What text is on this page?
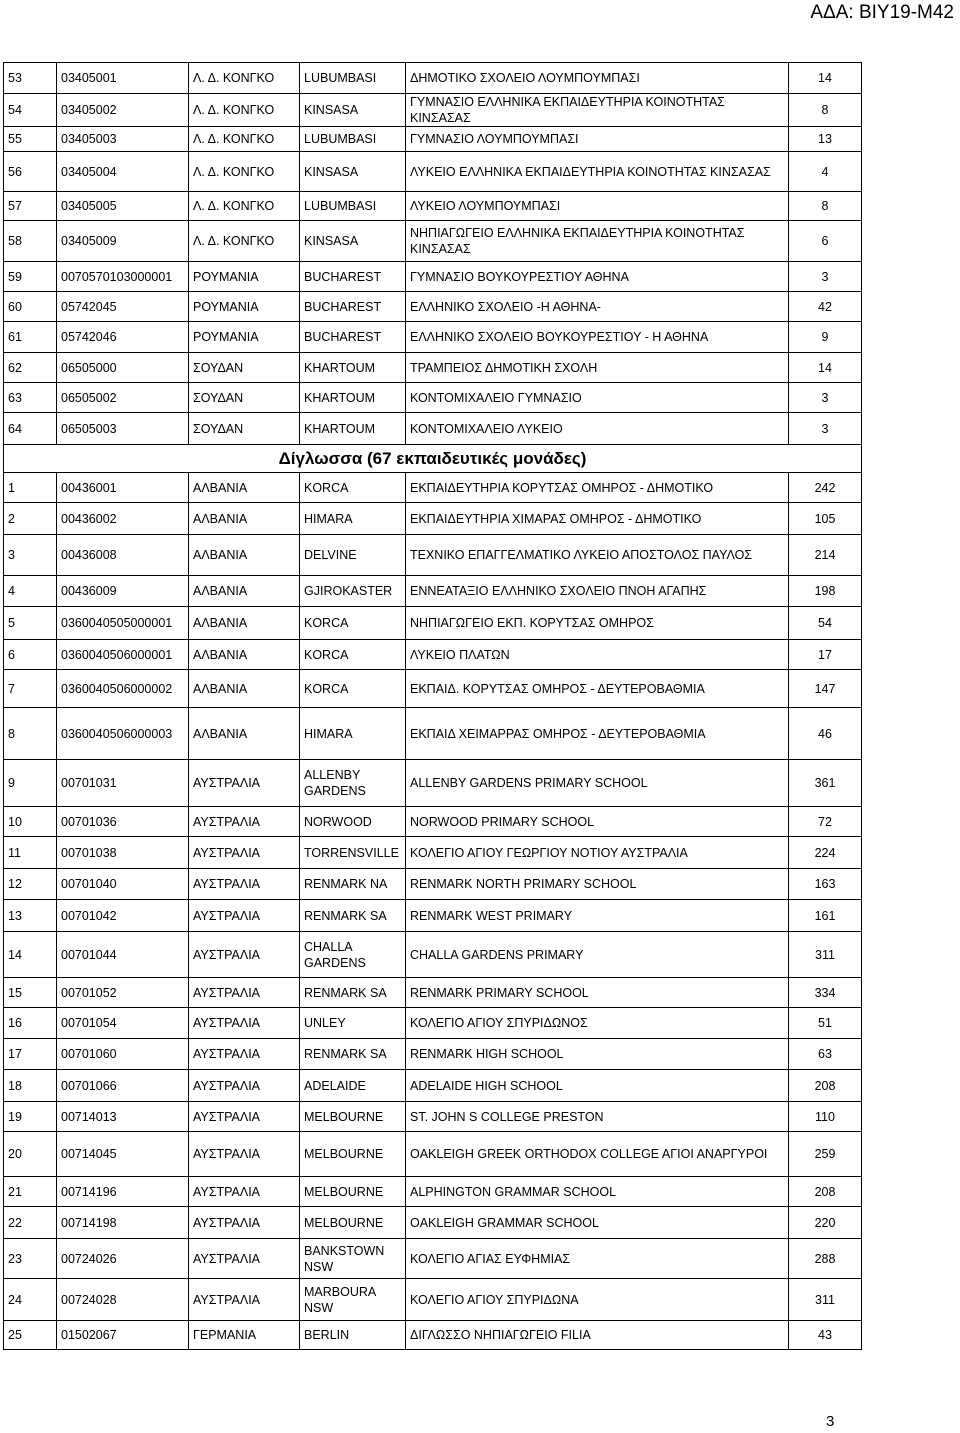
ΑΔΑ: ΒΙΥ19-Μ42
53	03405001	Λ. Δ. ΚΟΝΓΚΟ	LUBUMBASI	ΔΗΜΟΤΙΚΟ ΣΧΟΛΕΙΟ ΛΟΥΜΠΟΥΜΠΑΣΙ	14
54	03405002	Λ. Δ. ΚΟΝΓΚΟ	KINSASA	ΓΥΜΝΑΣΙΟ ΕΛΛΗΝΙΚΑ ΕΚΠΑΙΔΕΥΤΗΡΙΑ ΚΟΙΝΟΤΗΤΑΣ ΚΙΝΣΑΣΑΣ	8
55	03405003	Λ. Δ. ΚΟΝΓΚΟ	LUBUMBASI	ΓΥΜΝΑΣΙΟ ΛΟΥΜΠΟΥΜΠΑΣΙ	13
56	03405004	Λ. Δ. ΚΟΝΓΚΟ	KINSASA	ΛΥΚΕΙΟ ΕΛΛΗΝΙΚΑ ΕΚΠΑΙΔΕΥΤΗΡΙΑ ΚΟΙΝΟΤΗΤΑΣ ΚΙΝΣΑΣΑΣ	4
57	03405005	Λ. Δ. ΚΟΝΓΚΟ	LUBUMBASI	ΛΥΚΕΙΟ ΛΟΥΜΠΟΥΜΠΑΣΙ	8
58	03405009	Λ. Δ. ΚΟΝΓΚΟ	KINSASA	ΝΗΠΙΑΓΩΓΕΙΟ ΕΛΛΗΝΙΚΑ ΕΚΠΑΙΔΕΥΤΗΡΙΑ ΚΟΙΝΟΤΗΤΑΣ ΚΙΝΣΑΣΑΣ	6
59	0070570103000001	ΡΟΥΜΑΝΙΑ	BUCHAREST	ΓΥΜΝΑΣΙΟ ΒΟΥΚΟΥΡΕΣΤΙΟΥ ΑΘΗΝΑ	3
60	05742045	ΡΟΥΜΑΝΙΑ	BUCHAREST	ΕΛΛΗΝΙΚΟ ΣΧΟΛΕΙΟ -Η ΑΘΗΝΑ-	42
61	05742046	ΡΟΥΜΑΝΙΑ	BUCHAREST	ΕΛΛΗΝΙΚΟ ΣΧΟΛΕΙΟ ΒΟΥΚΟΥΡΕΣΤΙΟΥ - Η ΑΘΗΝΑ	9
62	06505000	ΣΟΥΔΑΝ	KHARTOUM	ΤΡΑΜΠΕΙΟΣ ΔΗΜΟΤΙΚΗ ΣΧΟΛΗ	14
63	06505002	ΣΟΥΔΑΝ	KHARTOUM	ΚΟΝΤΟΜΙΧΑΛΕΙΟ ΓΥΜΝΑΣΙΟ	3
64	06505003	ΣΟΥΔΑΝ	KHARTOUM	ΚΟΝΤΟΜΙΧΑΛΕΙΟ ΛΥΚΕΙΟ	3
Δίγλωσσα (67 εκπαιδευτικές μονάδες)					
1	00436001	ΑΛΒΑΝΙΑ	KORCA	ΕΚΠΑΙΔΕΥΤΗΡΙΑ ΚΟΡΥΤΣΑΣ ΟΜΗΡΟΣ - ΔΗΜΟΤΙΚΟ	242
2	00436002	ΑΛΒΑΝΙΑ	HIMARA	ΕΚΠΑΙΔΕΥΤΗΡΙΑ ΧΙΜΑΡΑΣ ΟΜΗΡΟΣ - ΔΗΜΟΤΙΚΟ	105
3	00436008	ΑΛΒΑΝΙΑ	DELVINE	ΤΕΧΝΙΚΟ ΕΠΑΓΓΕΛΜΑΤΙΚΟ ΛΥΚΕΙΟ ΑΠΟΣΤΟΛΟΣ ΠΑΥΛΟΣ	214
4	00436009	ΑΛΒΑΝΙΑ	GJIROKASTER	ΕΝΝΕΑΤΑΞΙΟ ΕΛΛΗΝΙΚΟ ΣΧΟΛΕΙΟ ΠΝΟΗ ΑΓΑΠΗΣ	198
5	0360040505000001	ΑΛΒΑΝΙΑ	KORCA	ΝΗΠΙΑΓΩΓΕΙΟ ΕΚΠ. ΚΟΡΥΤΣΑΣ ΟΜΗΡΟΣ	54
6	0360040506000001	ΑΛΒΑΝΙΑ	KORCA	ΛΥΚΕΙΟ ΠΛΑΤΩΝ	17
7	0360040506000002	ΑΛΒΑΝΙΑ	KORCA	ΕΚΠΑΙΔ. ΚΟΡΥΤΣΑΣ ΟΜΗΡΟΣ - ΔΕΥΤΕΡΟΒΑΘΜΙΑ	147
8	0360040506000003	ΑΛΒΑΝΙΑ	HIMARA	ΕΚΠΑΙΔ ΧΕΙΜΑΡΡΑΣ ΟΜΗΡΟΣ - ΔΕΥΤΕΡΟΒΑΘΜΙΑ	46
9	00701031	ΑΥΣΤΡΑΛΙΑ	ALLENBY GARDENS	ALLENBY GARDENS PRIMARY SCHOOL	361
10	00701036	ΑΥΣΤΡΑΛΙΑ	NORWOOD	NORWOOD PRIMARY SCHOOL	72
11	00701038	ΑΥΣΤΡΑΛΙΑ	TORRENSVILLE	ΚΟΛΕΓΙΟ ΑΓΙΟΥ ΓΕΩΡΓΙΟΥ ΝΟΤΙΟΥ ΑΥΣΤΡΑΛΙΑ	224
12	00701040	ΑΥΣΤΡΑΛΙΑ	RENMARK NA	RENMARK NORTH PRIMARY SCHOOL	163
13	00701042	ΑΥΣΤΡΑΛΙΑ	RENMARK SA	RENMARK WEST PRIMARY	161
14	00701044	ΑΥΣΤΡΑΛΙΑ	CHALLA GARDENS	CHALLA GARDENS PRIMARY	311
15	00701052	ΑΥΣΤΡΑΛΙΑ	RENMARK SA	RENMARK PRIMARY SCHOOL	334
16	00701054	ΑΥΣΤΡΑΛΙΑ	UNLEY	ΚΟΛΕΓΙΟ ΑΓΙΟΥ ΣΠΥΡΙΔΩΝΟΣ	51
17	00701060	ΑΥΣΤΡΑΛΙΑ	RENMARK SA	RENMARK HIGH SCHOOL	63
18	00701066	ΑΥΣΤΡΑΛΙΑ	ADELAIDE	ADELAIDE HIGH SCHOOL	208
19	00714013	ΑΥΣΤΡΑΛΙΑ	MELBOURNE	ST. JOHN S COLLEGE PRESTON	110
20	00714045	ΑΥΣΤΡΑΛΙΑ	MELBOURNE	OAKLEIGH GREEK ORTHODOX COLLEGE AΓΙΟΙ ΑΝΑΡΓΥΡΟΙ	259
21	00714196	ΑΥΣΤΡΑΛΙΑ	MELBOURNE	ALPHINGTON GRAMMAR SCHOOL	208
22	00714198	ΑΥΣΤΡΑΛΙΑ	MELBOURNE	OAKLEIGH GRAMMAR SCHOOL	220
23	00724026	ΑΥΣΤΡΑΛΙΑ	BANKSTOWN NSW	ΚΟΛΕΓΙΟ ΑΓΙΑΣ ΕΥΦΗΜΙΑΣ	288
24	00724028	ΑΥΣΤΡΑΛΙΑ	MARBOURA NSW	ΚΟΛΕΓΙΟ ΑΓΙΟΥ ΣΠΥΡΙΔΩΝΑ	311
25	01502067	ΓΕΡΜΑΝΙΑ	BERLIN	ΔΙΓΛΩΣΣΟ ΝΗΠΙΑΓΩΓΕΙΟ FILIA	43
3
